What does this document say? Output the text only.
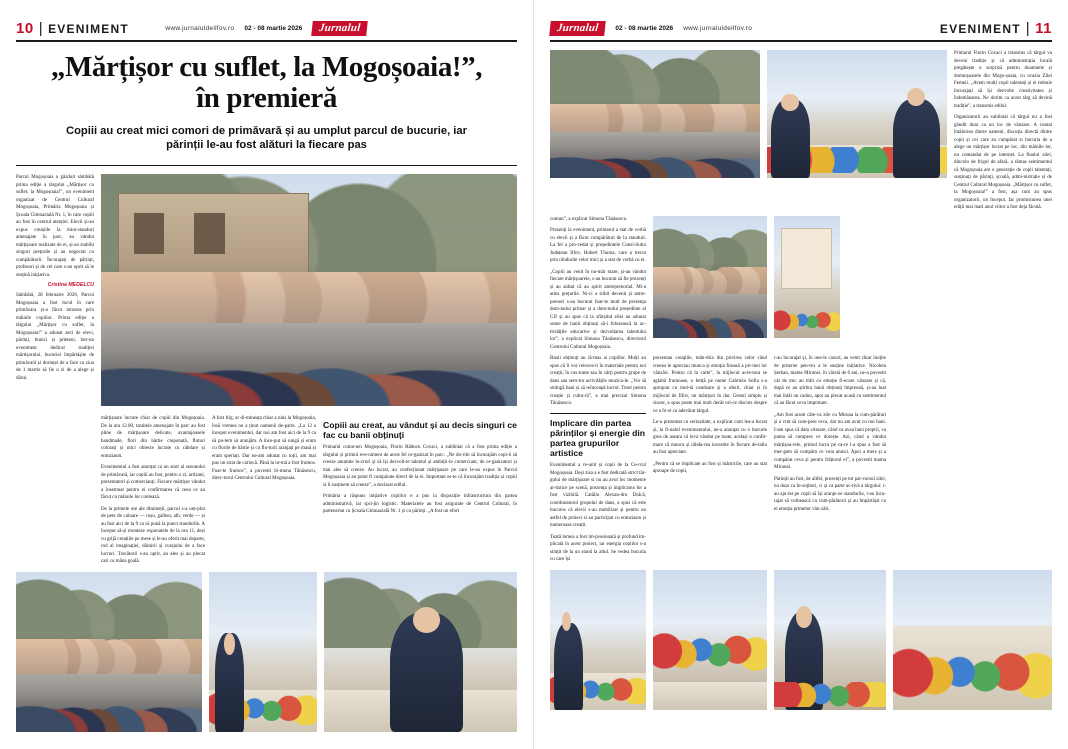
10 | EVENIMENT	www.jurnaluldeilfov.ro 02 - 08 martie 2026	Jurnalul
„Mărțișor cu suflet, la Mogoșoaia!”,
în premieră
Copiii au creat mici comori de primăvară și au umplut parcul de bucurie, iar părinții le-au fost alături la fiecare pas
Parcul Mogoșoaia a găzduit sâmbătă prima ediție a târgului „Mărțișor cu suflet, la Mogoșoaia!”, un eveniment organizat de Centrul Cultural Mogoșoaia, Primăria Mogoșoaia și Școala Gimnazială Nr. 1, în care copiii au fost în centrul atenției. Elevii și-au expus creațiile la mini-standuri amenajate în parc, au vândut mărțișoare realizate de ei, și-au stabilit singuri prețurile și au negociat cu cumpărătorii. Încurajați de părinți, profesori și de cei care s-au oprit să le susțină inițiativa.
Cristina MEDELCU
Sâmbătă, 28 februarie 2026, Parcul Mogoșoaia a fost locul în care primăvara și-a făcut intrarea prin mâinile copiilor. Prima ediție a târgului „Mărțișor cu suflet, la Mogoșoaia!” a adunat zeci de elevi, părinți, bunici și prieteni, într-un eveniment dedicat tradiției mărtișorului, bucuriei împărtășite de primăvară și dorinței de a face ca ziua de 1 martie să fie o zi de a alege și dărui.
mărțișoare lucrate chiar de copiii din Mogoșoaia. De la ora 12.00, tarabele amenajate în parc au fost pline de mărțișoare delicate, avantajoasele handmade, flori din hârtie creponată, fluturi colorați și mici obiecte lucrate cu răbdare și entuziasm.
Evenimentul a fost anunțat ca un start al sezonului de primăvară, iar copiii au fost, pentru o zi, artizani, prezentatori și comercianți. Fiecare mărțișor vândut a însemnat pentru ei confirmarea că ceea ce au făcut cu mâinile lor contează.
De la primele ore ale dimineții, parcul s-a um-plut de pete de culoare — roșu, galben, alb, verde — și au fost aici de la 9 ca să pună la punct standurile. A început să-și monteze exponatele de la ora 11, deși cu grijă creațiile pe mese și le-au oferit mai departe, rod al imaginației, dăruirii și curajului de a face lucruri. Trecătorii s-au oprit, au ales și au plecat cari cu mâna goală.
A fost frig, ar di-mineața chiar a nins la Mogoșoaia, însă vremea nu a ținut oamenii de-parte. „La 12 a început evenimentul, dar noi am fost aici de la 9 ca să pu-tem să aranjăm. A înce-put să ningă și eram cu florile de hârtie și cu flu-turii aranjați pe masă și eram speriați. Dar ne-am adunat cu toții, am mai pus un strat de cariocă. Până la ur-mă a fost frumos. Foar-te frumos”, a povestit Si-mona Tănăsescu, direc-torul Centrului Cultural Mogoșoaia.
Copiii au creat, au vândut și au decis singuri ce fac cu banii obținuți
Primarul comu-nei Mogoșoaia, Florin Răducu Covaci, a subliniat că a fost prima ediție a târgului și primul eve-niment de acest fel or-ganizat în parc. „Ne do-rim să încurajăm copi-ii să creeze anumite lu-cruri și să își dezvolt-te talentul și ambiții-le comerciant, de or-ganizatori și mai ales să creeze. Au lucrat, au confecționat mărțișoare pe care le-au expus în Parcul Mogoșoaia și au putut fi cumpărate direct de la ei. Important es-te că încurajăm tradiția și copiii si li susținem să creeze”, a declarat edilul.
Primăria a răspuns inițiative copiilor e a pus la dispoziție infrastructura din partea administrativă, iar spri-jin logistic. Materialele au fost asigurate de Centrul Cultural, în parteneriat cu Școala Gimnazială Nr. 1 și cu părinți. „A fost un efort
Jurnalul	02 - 08 martie 2026 www.jurnaluldeilfov.ro	EVENIMENT | 11
Primarul Florin Covaci a transmis că târgul va deveni tradiție și că administrația locală pregătește o surpriză pentru doamnele și domnișoarele din Mogo-șoaia, cu ocazia Zilei Femeii. „Avem mulți copii talentați și ei trebuie încurajați să își dezvolte creativitatea și îndemânarea. Ne dorim ca acest târg să devină tradiție”, a transmis edilul.
Organizatorii au subliniat că târgul nu a fost gândit doar ca un loc de vânzare. A contat întâlnirea dintre oameni, discuția directă dintre copii și cei care au cumpărat si bucuria de a alege un mărțișor lucrat pe loc, din mâinile lor, nu comandat de pe internet. La finalul zilei, dincolo de frigul de afară, a rămas sentimentul că Mogoșoaia are o generație de copii talentați, susținuți de părinți, școală, admi-nistrație și de Centrul Cultural Mogoșoaia. „Mărțișor cu suflet, la Mogoșoaia!” a fost, așa cum au spus organizatorii, un început. Iar promisiunea unei ediții mai mari anul viitor a fost deja făcută.
comun”, a explicat Simona Tănăsescu.
Prezenți la eveniment, primarul a stat de vorbă cu elevii și a făcut cumpărături de la standuri. La fel a pro-cedat și președintele Consi-liului Județean Ilfov, Hubert Thuma, care a trecut prin rândurile celor mici și a stat de vorbă cu ei.
„Copiii au venit în nu-măr mare, și-au vândut fiecare mărțișoarele, s-au bucurat să fie prezenți și au arătat că au spirit antreprenorial. Mi-a atins prețurile. Ni-ci a tribit devenit și antre-prenori s-au bucurat foar-te mult de prezența dom-nului primar și a dom-nului președinte al CJI și au spus că la sfârșitul zilei au adunat sume de banii obținuți să-i folosească la ac-tivitățile educative și dezvoltarea talentului lor”, a explicat Simona Tănăsescu, directorul Centrului Cultural Mogoșoaia.
Banii obținuți au ră-mas ai copiilor. Mulți au spus că îi vor reinves-ti în materiale pentru noi creații, în cos-tume sau în cărți pentru grupe de dans sau sem-tru activitățile muzica-le. „Vor să strângă bani și să reînceapă lucrul. Totul pentru creație și cultu-ră”, a mai precizat Simona Tănăsescu.
Implicare din partea părinților și energie din partea grupurilor artistice
Evenimentul a re-unit și copii de la Ce-rcul Mogoșoaia. Deși zisa a e fost dedicată strict târ-gului de mărțișoare si nu au avut loc momente ar-tistice pe scenă, prezența și implicarea lor a fost vizibilă. Catălin Alexan-dru Drăcă, coordonatorul grupului de dans, a spus că este bucuros că elevii s-au mobilizat și pentru un astfel de proiect si au participat cu entuziasm și numeroase creații.
Toată lumea a fost im-presionată și profund im-plicată în acest proiect, iar energia copiilor s-a simțit de la un stand la altul. Se vedea bucuria cu care își
prezentau creațiile, mân-dria din privirea celor când creeau le apreciau munca și emoția fireasă a pri-mei lor vânzări. Pentru că la carte”, în mijlocul aces-tora se aglabă frumoase, o fetiță pe nume Gabriela Sofia s-a apropiat cu mul-tă candoare și a oferit, chiar și în mijlocul de Ilfov, un mărțișor în dar. Gestul simplu și sincer, a spus poate mai mult decât ori-ce discurs despre ce a fo-st cu adevărat târgul.
Le-a prezentat cu seriozitate, a explicat cum lea-a lucrat și, la fi-nalul evenimentului, ne-a anunțat cu o bucurie grea de aseara că leva vândut pe toate, același o confir-mare că munca și răbda-rea investite în fiecare de-taliu au fost apreciate.
„Pentru că se implicate au fost și mămicile, care au stat aproape de copii,
i-au încurajat și, în une-le cazuri, au venit chiar înoțite de priterne pen-tru a le susține inițiative. Nicoleta Șerban, mame Mirunei, în vârstă de 6 ani, ne-a povestit cât de mic au trăit cu emoție fi-ecare vânzare și că, după ce au știrbra banii obținuți împreună, și-au luat mai întâi un cadou, apoi au plecat acasă cu sentimentul că au făcut ceva important.
„Am fost acum câte-va zile cu Miruna la cum-părături și a vrut să cum-pere ceva, dar nu am avut cu noi bani. I-am spus că data viitoare, când va avea bani proprii, va putea să cumpere ce dorește. Azi, când a vândut mărțișoa-rele, primul lucru pe ca-re l-a spus a fost să mer-gem să cumpăm ce voia atunci. Apoi a mers și a cumpărat ceva și pentru frățiorul ei”, a povestit mama Mirunei.
Părinții au fost, de altfel, prezenți pe tot par-cursul zilei, nu doar ca în-soțitori, ci și ca parte ac-tivă a târgului: i-au aju-tat pe copii să își aranje-ze standurile, i-au încu-rajat să vorbească cu cum-părătorii și au împărtășit cu ei emoția primelor vân-zări.
